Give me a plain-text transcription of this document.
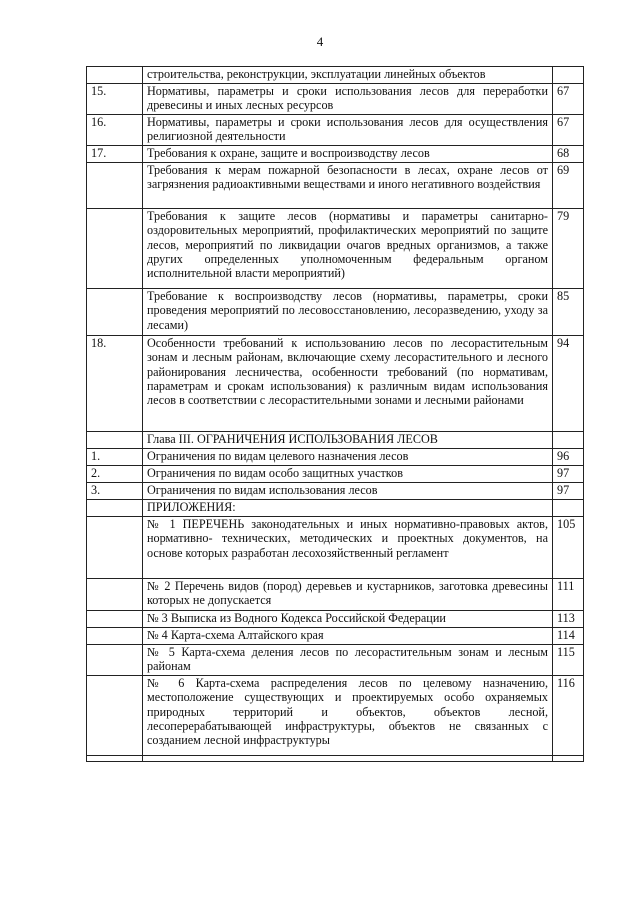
4
	строительства, реконструкции, эксплуатации линейных объектов	
15.	Нормативы, параметры и сроки использования лесов для переработки древесины и иных лесных ресурсов	67
16.	Нормативы, параметры и сроки использования лесов для осуществления религиозной деятельности	67
17.	Требования к охране, защите и воспроизводству лесов	68
	Требования к мерам пожарной безопасности в лесах, охране лесов от загрязнения радиоактивными веществами и иного негативного воздействия	69
	Требования к защите лесов (нормативы и параметры санитарно-оздоровительных мероприятий, профилактических мероприятий по защите лесов, мероприятий по ликвидации очагов вредных организмов, а также других определенных уполномоченным федеральным органом исполнительной власти мероприятий)	79
	Требование к воспроизводству лесов (нормативы, параметры, сроки проведения мероприятий по лесовосстановлению, лесоразведению, уходу за лесами)	85
18.	Особенности требований к использованию лесов по лесорастительным зонам и лесным районам, включающие схему лесорастительного и лесного районирования лесничества, особенности требований (по нормативам, параметрам и срокам использования) к различным видам использования лесов в соответствии с лесорастительными зонами и лесными районами	94
	Глава III. ОГРАНИЧЕНИЯ ИСПОЛЬЗОВАНИЯ ЛЕСОВ	
1.	Ограничения по видам целевого назначения лесов	96
2.	Ограничения по видам особо защитных участков	97
3.	Ограничения по видам использования лесов	97
	ПРИЛОЖЕНИЯ:	
	№ 1 ПЕРЕЧЕНЬ законодательных и иных нормативно-правовых актов, нормативно- технических, методических и проектных документов, на основе которых разработан лесохозяйственный регламент	105
	№ 2 Перечень видов (пород) деревьев и кустарников, заготовка древесины которых не допускается	111
	№ 3 Выписка из Водного Кодекса Российской Федерации	113
	№ 4 Карта-схема Алтайского края	114
	№ 5 Карта-схема деления лесов по лесорастительным зонам и лесным районам	115
	№ 6 Карта-схема распределения лесов по целевому назначению, местоположение существующих и проектируемых особо охраняемых природных территорий и объектов, объектов лесной, лесоперерабатывающей инфраструктуры, объектов не связанных с созданием лесной инфраструктуры	116
